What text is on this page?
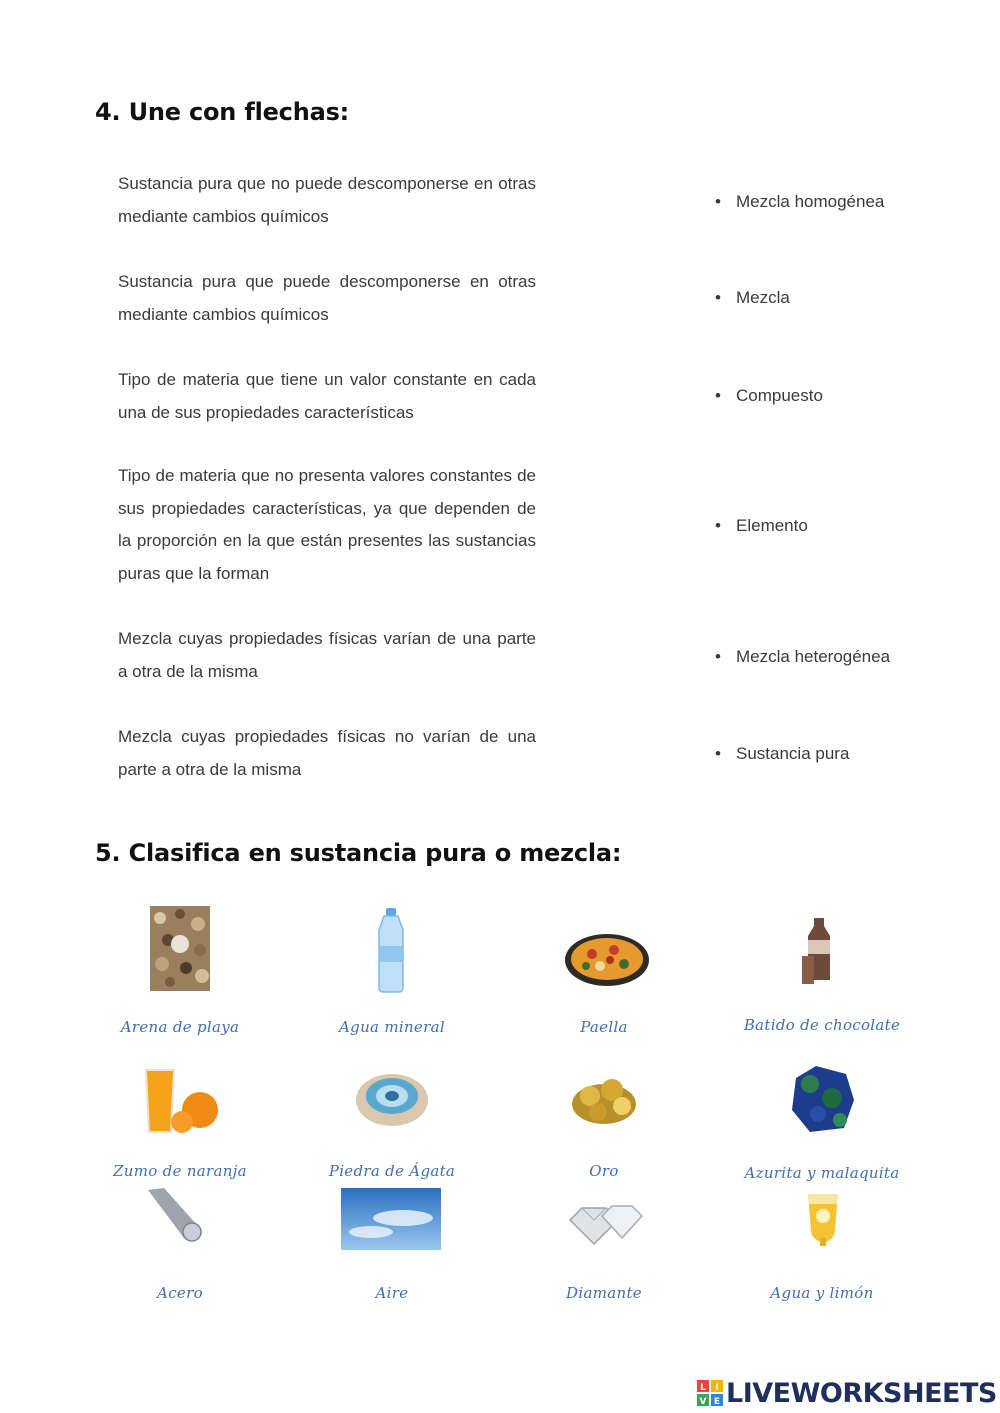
4. Une con flechas:

Sustancia pura que no puede descomponerse en otras mediante cambios químicos

Sustancia pura que puede descomponerse en otras mediante cambios químicos

Tipo de materia que tiene un valor constante en cada una de sus propiedades características

Tipo de materia que no presenta valores constantes de sus propiedades características, ya que dependen de la proporción en la que están presentes las sustancias puras que la forman

Mezcla cuyas propiedades físicas varían de una parte a otra de la misma

Mezcla cuyas propiedades físicas no varían de una parte a otra de la misma

• Mezcla homogénea
• Mezcla
• Compuesto
• Elemento
• Mezcla heterogénea
• Sustancia pura
5. Clasifica en sustancia pura o mezcla:
Arena de playa	Agua mineral	Paella	Batido de chocolate
Zumo de naranja	Piedra de Ágata	Oro	Azurita y malaquita
Acero	Aire	Diamante	Agua y limón
L I
V E LIVEWORKSHEETS
